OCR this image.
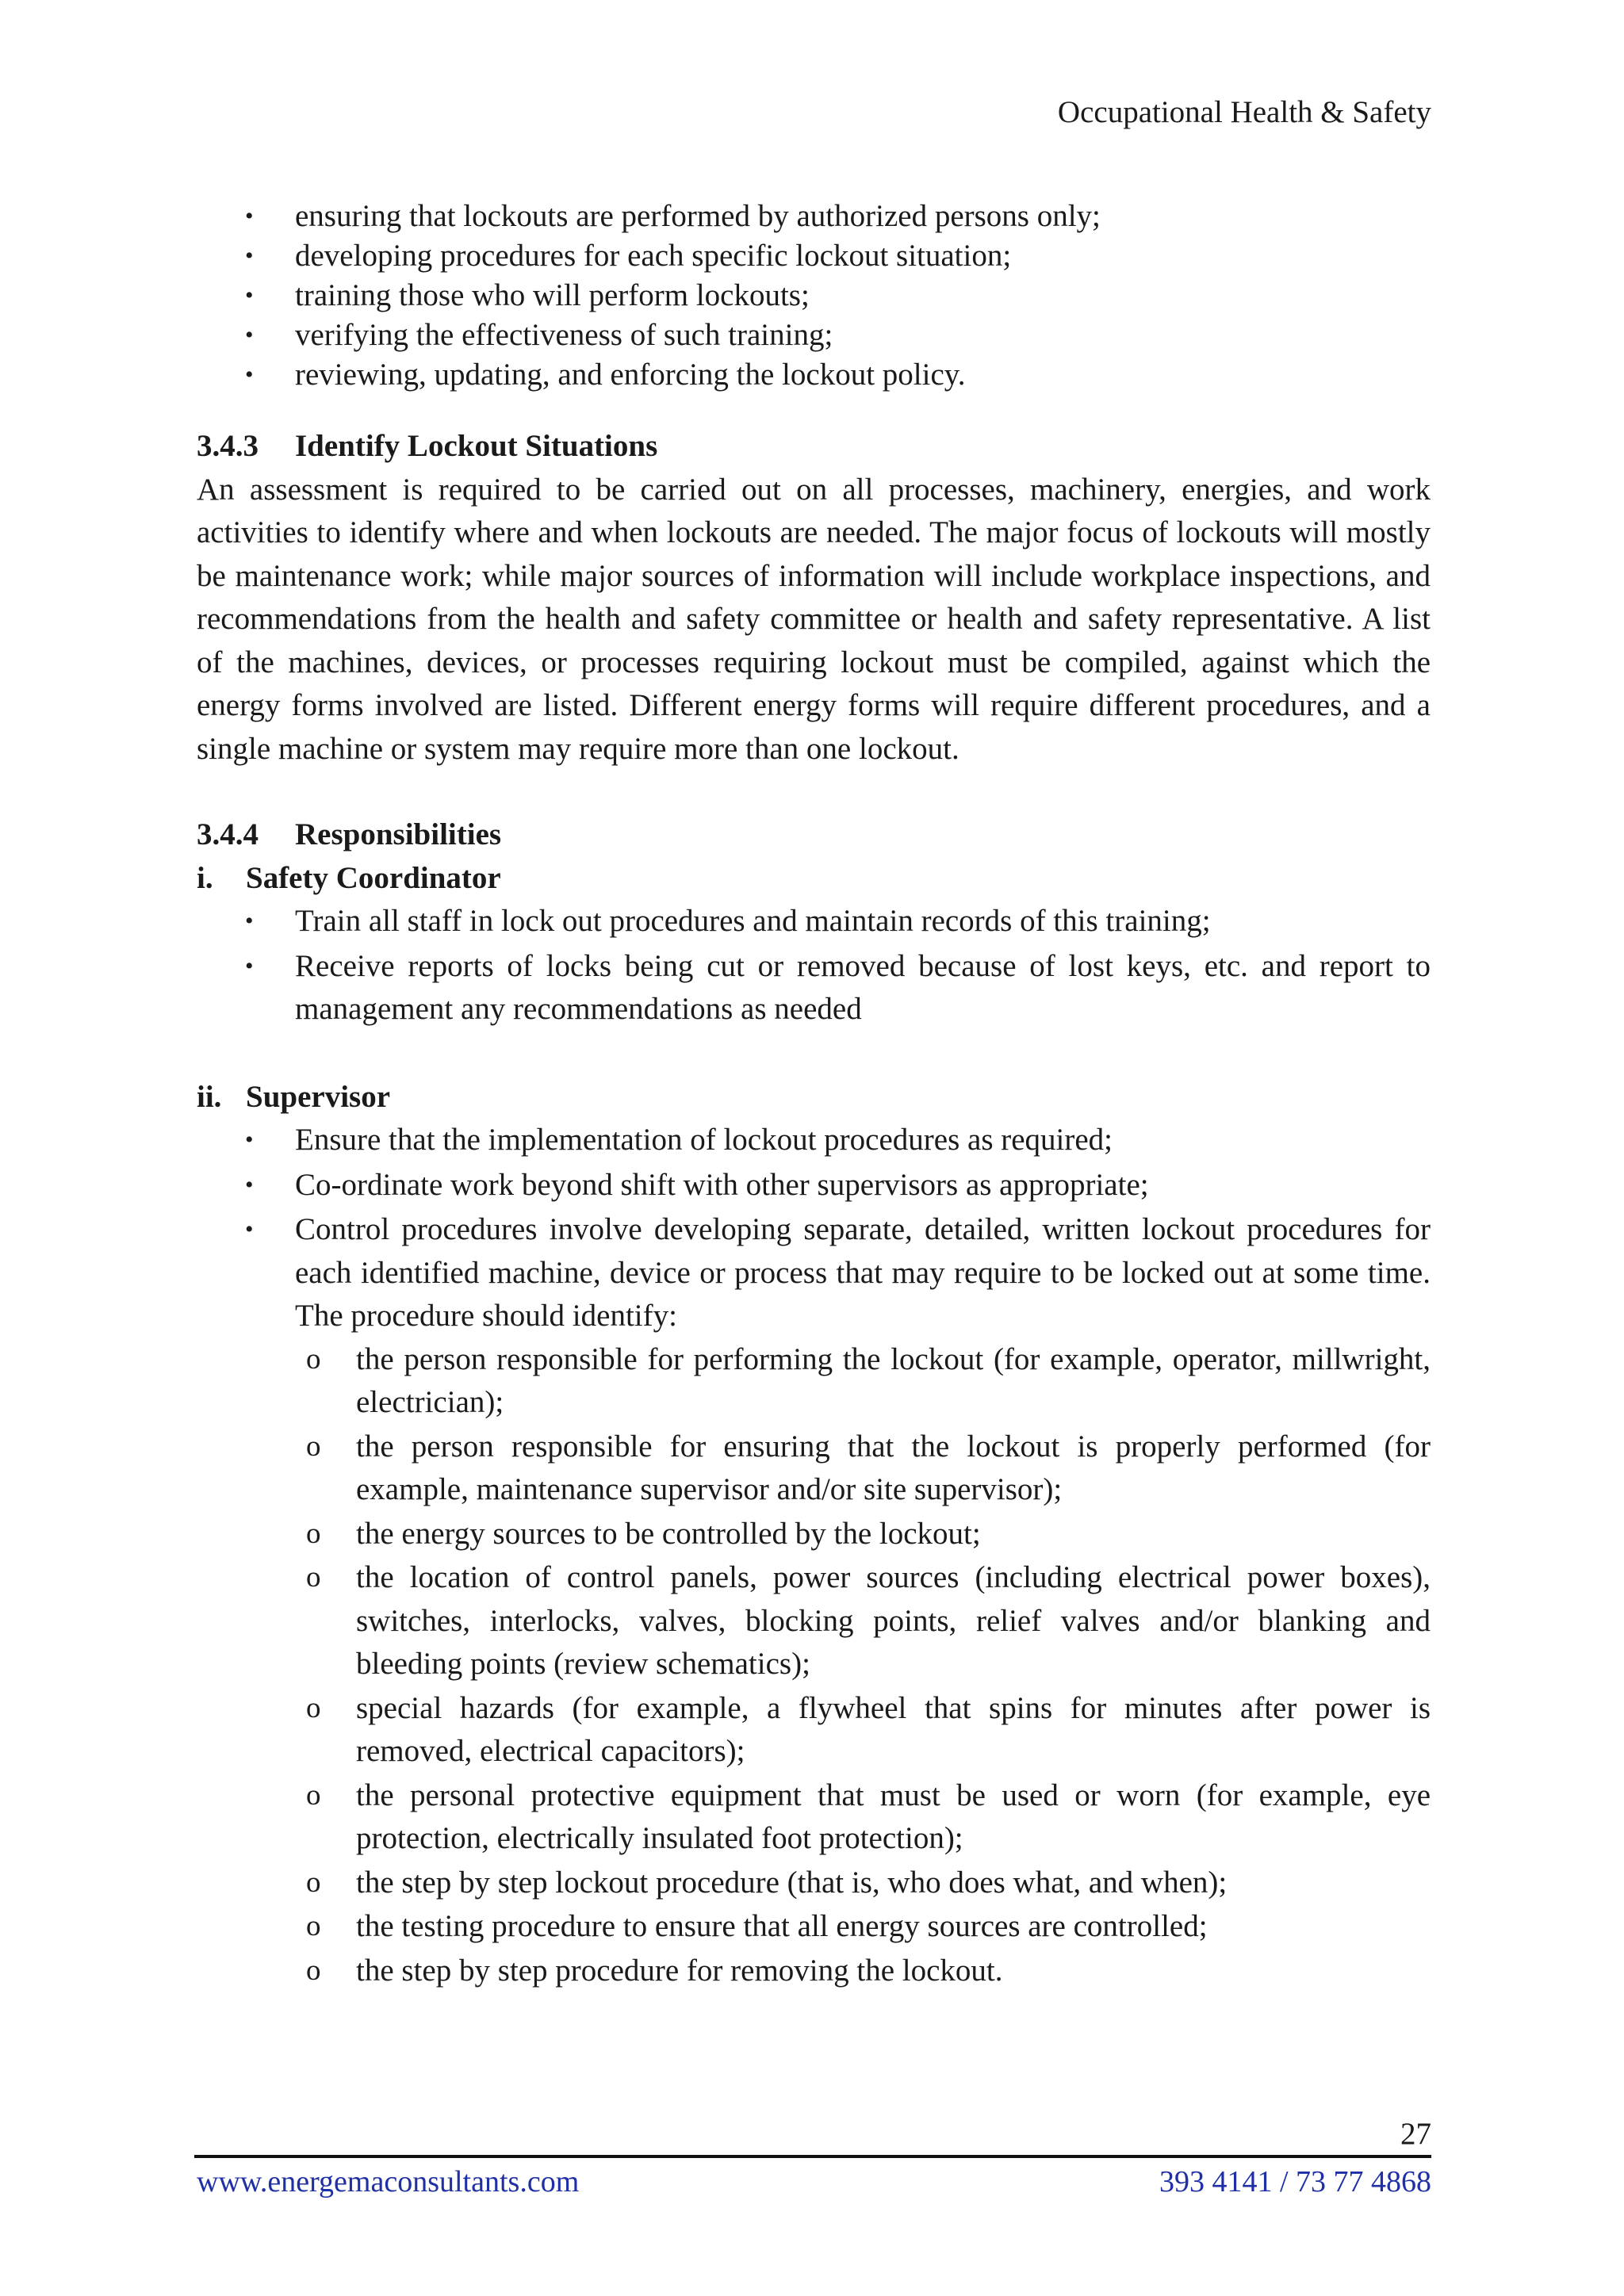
Occupational Health & Safety
• ensuring that lockouts are performed by authorized persons only;
• developing procedures for each specific lockout situation;
• training those who will perform lockouts;
• verifying the effectiveness of such training;
• reviewing, updating, and enforcing the lockout policy.
3.4.3 Identify Lockout Situations

An assessment is required to be carried out on all processes, machinery, energies, and work activities to identify where and when lockouts are needed. The major focus of lockouts will mostly be maintenance work; while major sources of information will include workplace inspections, and recommendations from the health and safety committee or health and safety representative. A list of the machines, devices, or processes requiring lockout must be compiled, against which the energy forms involved are listed. Different energy forms will require different procedures, and a single machine or system may require more than one lockout.

3.4.4 Responsibilities
i. Safety Coordinator
• Train all staff in lock out procedures and maintain records of this training;
• Receive reports of locks being cut or removed because of lost keys, etc. and report to management any recommendations as needed
ii. Supervisor
• Ensure that the implementation of lockout procedures as required;
• Co-ordinate work beyond shift with other supervisors as appropriate;
• Control procedures involve developing separate, detailed, written lockout procedures for each identified machine, device or process that may require to be locked out at some time. The procedure should identify:
o the person responsible for performing the lockout (for example, operator, millwright, electrician);
o the person responsible for ensuring that the lockout is properly performed (for example, maintenance supervisor and/or site supervisor);
o the energy sources to be controlled by the lockout;
o the location of control panels, power sources (including electrical power boxes), switches, interlocks, valves, blocking points, relief valves and/or blanking and bleeding points (review schematics);
o special hazards (for example, a flywheel that spins for minutes after power is removed, electrical capacitors);
o the personal protective equipment that must be used or worn (for example, eye protection, electrically insulated foot protection);
o the step by step lockout procedure (that is, who does what, and when);
o the testing procedure to ensure that all energy sources are controlled;
o the step by step procedure for removing the lockout.
27
www.energemaconsultants.com	393 4141 / 73 77 4868
